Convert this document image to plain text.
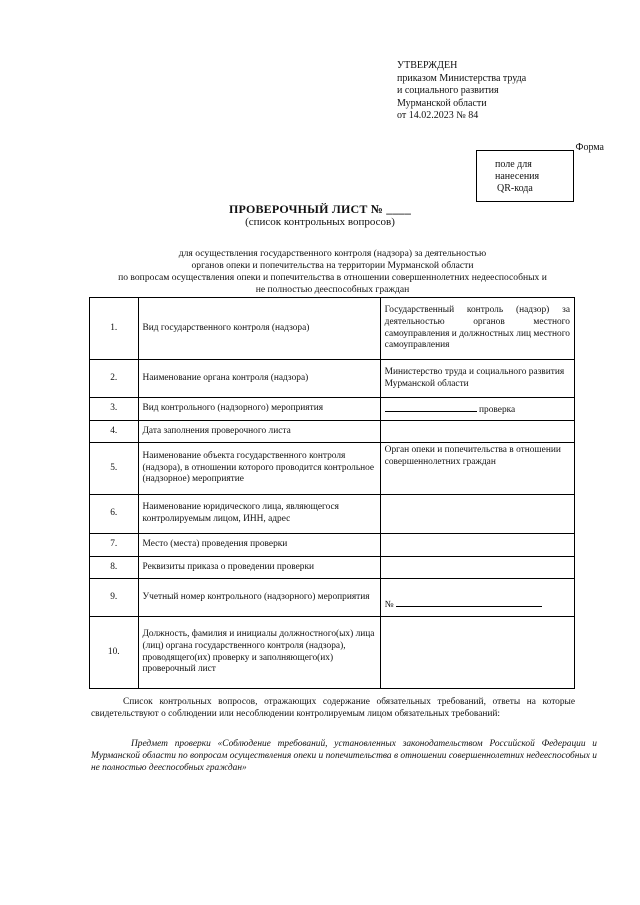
УТВЕРЖДЕН
приказом Министерства труда
и социального развития
Мурманской области
от 14.02.2023 № 84
Форма
поле для
нанесения
QR-кода
ПРОВЕРОЧНЫЙ ЛИСТ № ____
(список контрольных вопросов)
для осуществления государственного контроля (надзора) за деятельностью
органов опеки и попечительства на территории Мурманской области
по вопросам осуществления опеки и попечительства в отношении совершеннолетних недееспособных и
не полностью дееспособных граждан
1.	Вид государственного контроля (надзора)	Государственный контроль (надзор) за деятельностью органов местного самоуправления и должностных лиц местного самоуправления
2.	Наименование органа контроля (надзора)	Министерство труда и социального развития Мурманской области
3.	Вид контрольного (надзорного) мероприятия	проверка
4.	Дата заполнения проверочного листа	
5.	Наименование объекта государственного контроля (надзора), в отношении которого проводится контрольное (надзорное) мероприятие	Орган опеки и попечительства в отношении совершеннолетних граждан
6.	Наименование юридического лица, являющегося контролируемым лицом, ИНН, адрес	
7.	Место (места) проведения проверки	
8.	Реквизиты приказа о проведении проверки	
9.	Учетный номер контрольного (надзорного) мероприятия	№
10.	Должность, фамилия и инициалы должностного(ых) лица (лиц) органа государственного контроля (надзора), проводящего(их) проверку и заполняющего(их) проверочный лист	
Список контрольных вопросов, отражающих содержание обязательных требований, ответы на которые свидетельствуют о соблюдении или несоблюдении контролируемым лицом обязательных требований:
Предмет проверки «Соблюдение требований, установленных законодательством Российской Федерации и Мурманской области по вопросам осуществления опеки и попечительства в отношении совершеннолетних недееспособных и не полностью дееспособных граждан»
